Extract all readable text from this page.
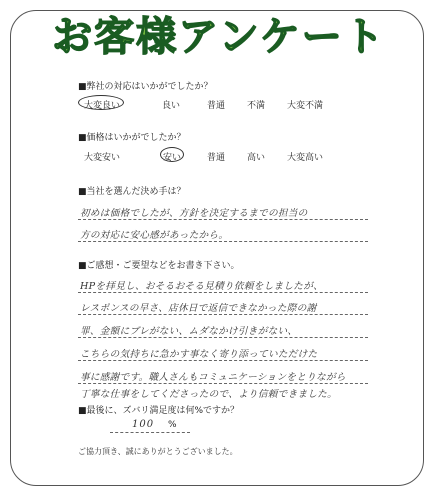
お客様アンケート
■弊社の対応はいかがでしたか？
大変良い	良い	普通 不満 大変不満
■価格はいかがでしたか？
大変安い	安い	普通 高い 大変高い
■当社を選んだ決め手は？
初めは価格でしたが、方針を決定するまでの担当の
方の対応に安心感があったから。
■ご感想・ご要望などをお書き下さい。
HPを拝見し、おそるおそる見積り依頼をしましたが、
レスポンスの早さ、店休日で返信できなかった際の謝
罪、金額にブレがない、ムダなかけ引きがない、
こちらの気持ちに急かす事なく寄り添っていただけた
事に感謝です。職人さんもコミュニケーションをとりながら
丁寧な仕事をしてくださったので、より信頼できました。
■最後に、ズバリ満足度は何%ですか？
100 %
ご協力頂き、誠にありがとうございました。
